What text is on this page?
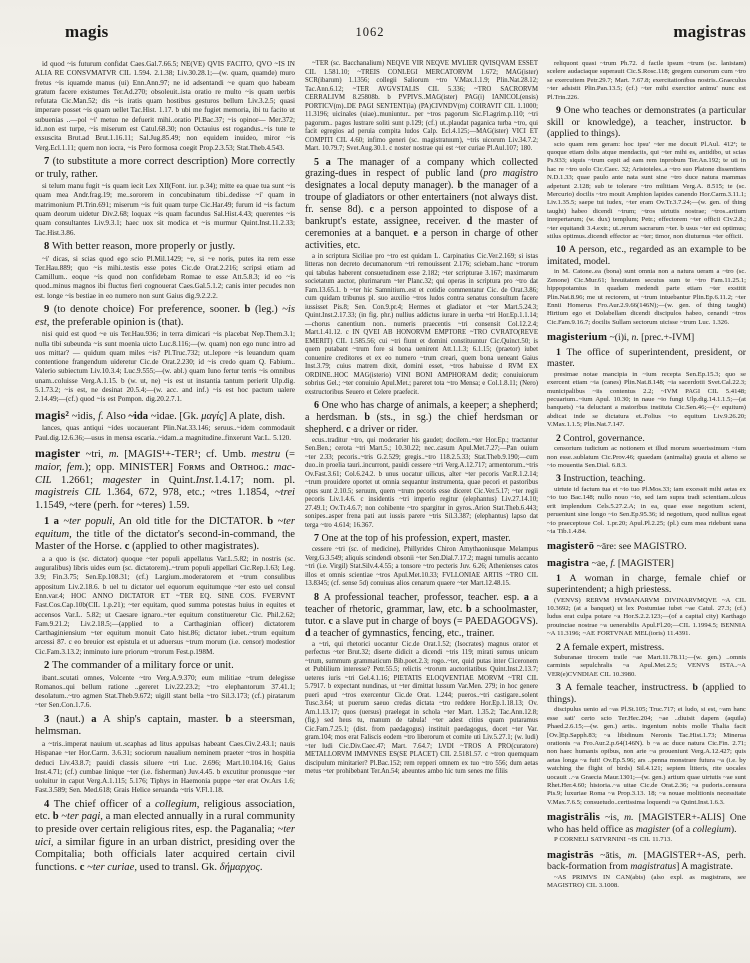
magis	1062	magistras

id quod ~is futurum confidat Caes.Gal.7.66.5; NE(VE) QVIS FACITO, QVO ~IS IN ALIA RE CONSVMATVR CIL 1.594. 2.1.38; Liv.30.28.1;—(w. quam, quamde) muro fretus ~is iquamde manus (ui) Enn.Ann.97; ne id adsentandi ~e quam quo habeam gratum facere existumes Ter.Ad.270; obsoleuit..ista oratio re multo ~is quam uerbis refutata Cic.Man.52; dis ~is iratis quam hostibus gesturos bellum Liv.3.2.5; quasi imperare posset ~is quam uellet Tac.Hist. 1.17. b ubi me fugiet memoria, ibi tu facito ut subuenias ..—pol ~i' metuo ne defuerit mihi..oratio Pl.Bac.37; ~is opinor— Mer.372; id..non est turpe, ~is miserum est Catul.68.30; non Octauius est rogandus..~is tute te exsuscita Brut.ad Brut.1.16.11; Sal.Jug.85.49; non equidem inuideo, miror ~is Verg.Ecl.1.11; quem non iocra, ~is Pero formosa coegit Prop.2.3.53; Stat.Theb.4.543.

7 (to substitute a more correct description) More correctly or truly, rather.

si telum manu fugit ~is quam iecit Lex XII(Font. iur. p.34); mitte ea quae tua sunt ~is quam mea Andr.frag.19; me..sororem in concubinatum tibi..dedisse ~i' quam in matrimonium Pl.Trin.691; miserum ~is fuit quam turpe Cic.Har.49; furum id ~is factum quam deorum uidetur Div.2.68; loquax ~is quam facundus Sal.Hist.4.43; querentes ~is quam consultantes Liv.9.3.1; haec uox sit modica et ~is murmur Quint.Inst.11.2.33; Tac.Hist.3.86.

8 With better reason, more properly or justly.

~i' dicas, si scias quod ego scio Pl.Mil.1429; ~e, si ~e noris, putes ita rem esse Ter.Hau.889; quo ~is mihi..testis esse potes Cic.de Orat.2.216; scripsi etiam ad Camillum.. eoque ~is quod non confidebam Romae te esse Att.5.8.3; id eo ~is quod..minus magnos ibi fluctus fieri cognouerat Caes.Gal.5.1.2; canis inter pecudes non est. longe ~is bestiae in eo numero non sunt Gaius dig.9.2.2.2.

9 (to denote choice) For preference, sooner. b (leg.) ~is est, the preferable opinion is (that).

nisi quid est quod ~e uis Ter.Hau.936; in terra dimicari ~is placebat Nep.Them.3.1; nulla tibi subeunda ~is sunt moenia uicto Luc.8.116;—(w. quam) non ego nunc intro ad uos mittar? — quidum quam miles ~is? Pl.Truc.732; ut..lepore ~is leuandum quam contentione frangendum uideretur Cic.de Orat.2.230; id ~is credo quam Q. Fabium.. Valerio subiectum Liv.10.3.4; Luc.9.555;—(w. abl.) quam Iuno fertur terris ~is omnibus unam..coluisse Verg.A.1.15. b (w. ut, ne) ~is est ut instantia tantum perierit Ulp.dig. 5.1.73.2; ~is est, ne desinat 20.5.4;—(w. acc. and inf.) ~is est hoc pactum ualere 2.14.49;—(cf.) quod ~is est Pompon. dig.20.2.7.1.

magis² ~idis, f. Also ~ida ~idae. [Gk. μαγίς] A plate, dish.

lances, quas antiqui ~ides uocauerant Plin.Nat.33.146; seruus..~idem commodauit Paul.dig.12.6.36;—usus in mensa escaria..~idam..a magnitudine..finxerunt Var.L. 5.120.

magister ~tri, m. [MAGIS¹+-TER¹; cf. Umb. mestru (= maior, fem.); opp. MINISTER] Fᴏʀᴍѕ and Oʀᴛʜᴏɢ.: mac- CIL 1.2661; magester in Quint.Inst.1.4.17; nom. pl. magistreis CIL 1.364, 672, 978, etc.; ~tres 1.1854, ~trei 1.1549, ~tere (perh. for ~teres) 1.59.

1 a ~ter populi, An old title for the DICTATOR. b ~ter equitum, the title of the dictator's second-in-command, the Master of the Horse. c (applied to other magistrates).

a a quo is (sc. dictator) quoque ~ter populi appellatus Var.L.5.82; in nostris (sc. auguralibus) libris uides eum (sc. dictatorem)..~trum populi appellari Cic.Rep.1.63; Leg. 3.9; Fin.3.75; Sen.Ep.108.31; (cf.) Largium..moderatorem et ~trum consulibus appositum Liv.2.18.6. b uel tu dictator uel equorum equitumque ~ter esto uel consul Enn.var.4; HOC ANNO DICTATOR ET ~TER EQ. SINE COS. FVERVNT Fast.Cos.Cap.10b(CIL 1.p.21); ~ter equitam, quod summa potestas huius in equites et accensos Var.L. 5.82; ut Caesare ignaro..~ter equitum constitueretur Cic. Phil.2.62; Fam.9.21.2; Liv.2.18.5;—(applied to a Carthaginian officer) dictatorem Carthaginiensium ~ter equitum monuit Cato hist.86; dictator iubet..~trum equitum arcessi 87. c eo breuior est epistula et ut aduersus ~trum morum (i.e. censor) modestior Cic.Fam.3.13.2; inminuto iure priorum ~trorum Fest.p.198M.

2 The commander of a military force or unit.

ibant..scutati omnes, Volcente ~tro Verg.A.9.370; eum militiae ~trum delegisse Romanos..qui bellum ratione ..gereret Liv.22.23.2; ~tro elephantorum 37.41.1; desolatum..~tro agmen Stat.Theb.9.672; uigill stant bella ~tro Sil.3.173; (cf.) piratarum ~ter Sen.Con.1.7.6.

3 (naut.) a A ship's captain, master. b a steersman, helmsman.

a ~tris..imperat nauium ut..scaphas ad litus appulsas habeant Caes.Civ.2.43.1; nauis Hispanae ~ter Hor.Carm. 3.6.31; sociorum naualium neminem praeter ~tros in hospitia deduci Liv.43.8.7; pauidi classis siluere ~tri Luc. 2.696; Mart.10.104.16; Gaius Inst.4.71; (cf.) cumbae linique ~ter (i.e. fisherman) Juv.4.45. b excutitur pronusque ~ter uoluitur in caput Verg.A.1.115; 5.176; Tiphys in Haemonia puppe ~ter erat Ov.Ars 1.6; Fast.3.589; Sen. Med.618; Grais Helice seruanda ~tris V.Fl.1.18.

4 The chief officer of a collegium, religious association, etc. b ~ter pagi, a man elected annually in a rural community to preside over certain religious rites, esp. the Paganalia; ~ter uici, a similar figure in an urban district, presiding over the Compitalia; both officials later acquired certain civil functions. c ~ter curiae, used to transl. Gk. δήμαρχος.

~TER (sc. Bacchanalium) NEQVE VIR NEQVE MVLIER QVISQVAM ESSET CIL 1.581.10; ~TREIS CONLEGI MERCATORVM 1.672; MAG(ister) SCR(ibarum) 1.1356; collegii Saliorum ~tro V.Max.1.1.9; Plin.Nat.28.12; Tac.Ann.6.12; ~TER AVGVSTALIS CIL 5.336; ~TRO SACRORVM CERRALIVM 8.25808b. b PVPIVS..MAG(ister) PAG(i) IANICOL(ensis) PORTICV(m)..DE PAGI SENTENT(ia) (PA)CIVNDV(m) COIRAVIT CIL 1.1000; 11.3196; uicinales (uiae)..muniuntur.. per ~tros pagorum Sic.Fl.agrim.p.110; ~tri pagorum.. pagos lustrare soliti sunt p.129; (cf.) ut..plaudat paganica turba ~tro, qui facit egregios ad peruia compita ludos Calp. Ecl.4.125;—MAG(ister) VICI ET COMPITI CIL 4.60; infimo generi (sc. magistratuum), ~tris uicorum Liv.34.7.2; Mart. 10.79.7; Svet.Aug.30.1. c noster nostrae qui est ~ter curiae Pl.Aul.107; 180.

5 a The manager of a company which collected grazing-dues in respect of public land (pro magistro designates a local deputy manager). b the manager of a troupe of gladiators or other entertainers (not always dist. fr. sense 8d). c a person appointed to dispose of a bankrupt's estate, assignee, receiver. d the master of ceremonies at a banquet. e a person in charge of other activities, etc.

a in scriptura Siciliae pro ~tro est quidam L. Carpinatius Cic.Ver.2.169; si istas litteras non decreto decumanorum ~tri remouissent 2.176; sciebam..hanc ~trorum qui tabulas haberent consuetudinem esse 2.182; ~ter scripturae 3.167; maximarum societatum auctor, plurimarum ~ter Planc.32; qui operas in scriptura pro ~tro dat Fam.13.65.1. b ~ter hic Samnitium..est et cotidie commentatur Cic. de Orat.3.86; cum quidam tribunus pl. suo auxilio ~tros ludos contra senatus consultum facere iussisset Pis.8; Sen. Con.9.pr.4; Hermes et gladiator et ~ter Mart.5.24.3; Quint.Inst.2.17.33; (in fig. phr.) nullius addictus iurare in uerba ~tri Hor.Ep.1.1.14;—chorus canentium non.. numeris praecentis ~tri consensit Col.12.2.4; Mart.1.41.12. c IN QVEI AB HONORVM EMPTORE ~TRO CVRATO(REVE EMERIT) CIL 1.585.56; cui ~tri fiunt et domini constituuntur Cic.Quinct.50; is quem putabant ~trum fore si bona uenirent Att.1.1.3; 6.1.15; (praetor) iubet conuenire creditores et ex eo numero ~trum creari, quem bona ueneant Gaius Inst.3.79; cuius matrem dixit, domini esset, ~tros habuisse d RVM EX ORDINE..HOC MAG(isterio) VINI BONI AMPHORAM dedit; conuiuiorum sobrius Gel.; ~ter conuiuio Apul.Met.; pareret tota ~tro Mensa; e Col.1.8.11; (Nero) exstructoribus Seuero et Celere praefecit.

6 One who has charge of animals, a keeper; a shepherd; a herdsman. b (sts., in sg.) the chief herdsman or shepherd. c a driver or rider.

ecus..traditur ~tro, qui moderarier his gaudet; docilem..~ter Hor.Ep.; tractantur Sen.Ben.; cerota ~tri Mart.5.; 10.30.22; nec..casum Apul.Met.7.27;—Pan ouium ~ter 2.33; pecoris..~tris G.2.529; gregis..~tro 118.2.5.33; Stat.Theb.9.190;—cum duo..in proelia tauri..incurront, pauidi cessere ~tri Verg.A.12.717; armentorum..~tris Ov.Fast.3.61; Col.6.24.2. b unus uocatur uilicus, alter ~ter pecoris Var.R.1.2.14; ~trum prouidere oportet ut omnia sequantur instrumenta, quae pecori et pastoribus opus sunt 2.10.5; seruum, quem ~trum pecoris esse diceret Cic.Ver.5.17; ~ter regii pecoris Liv.1.4.6. c insidentis ~tri imperio regitur (elephantus) Liv.27.14.10; 27.49.1; Ov.Tr.4.6.7; non cohibente ~tro spargitur in gyros..Arion Stat.Theb.6.443; sonipes..asper frena pati aut iussis parere ~tris Sil.3.387; (elephantus) lapso dat terga ~tro 4.614; 16.367.

7 One at the top of his profession, expert, master.

cessere ~tri (sc. of medicine), Phillyrides Chiron Amythaoniusque Melampus Verg.G.3.549; aliquis scindendi obsonii ~ter Sen.Dial.7.17.2; magni tumulis accanto ~tri (i.e. Virgil) Stat.Silv.4.4.55; a tonsore ~tro pecteris Juv. 6.26; Athenienses catos illos et omnis scientiae ~tros Apul.Met.10.33; FVLLONIAE ARTIS ~TRO CIL 13.8345; (cf. sense 5d) conuiuas alios cenarum quaere ~ter Mart.12.48.15.

8 A professional teacher, professor, teacher. esp. a a teacher of rhetoric, grammar, law, etc. b a schoolmaster, tutor. c a slave put in charge of boys (= PAEDAGOGVS). d a teacher of gymnastics, fencing, etc., trainer.

a ~tri, qui rhetorici uocantur Cic.de Orat.1.52; (Isocrates) magnus orator et perfectus ~ter Brut.32; diserte didicit a dicendi ~tris 119; mirati sumus unicum ~trum, summum grammaticum Bib.poet.2.3; rogo..~ter, quid putas inter Ciceronem et Publilium interesse? Petr.55.5; relictis ~trorum auctoritatibus Quint.Inst.2.13.7; ueteres iuris ~tri Gel.4.1.16; PIETATIS ELOQVENTIAE MORVM ~TRI CIL 5.7917. b expectant nundinas, ut ~ter dimittat lussum Var.Men. 279; in hoc genere pueri apud ~tros exercentur Cic.de Orat. 1.244; pueros..~tri castigare..solent Tusc.3.64; ut puerum saeuo credas dictata ~tro reddere Hor.Ep.1.18.13; Ov. Am.1.13.17; quos (uersus) praelegat in schola ~ter Mart. 1.35.2; Tac.Ann.12.8; (fig.) sed heus tu, manum de tabula! ~ter adest citius quam putaramus Cic.Fam.7.25.1; (dist. from paedagogus) instituit paedagogus, docet ~ter Var. gram.104; mos erat Faliscis eodem ~tro liberorum et comite uti Liv.5.27.1; (w. ludi) ~ter ludi Cic.Div.Caec.47; Mart. 7.64.7; LVDI ~TROS A PRO(curatore) METALLORVM IMMVNES ES(SE PLACET) CIL 2.5181.57. c ~tron quemquam discipulum minitarier? Pl.Bac.152; rem repperi omnem ex tuo ~tro 556; dum aetas metus ~ter prohibebant Ter.An.54; abeuntes ambo hic tum senes me filiis

reliquont quasi ~trum Ph.72. d facile ipsum ~trum (sc. lanistam) scelere audaciaque superauit Cic.S.Rosc.118; gregem cursorum cum ~tro se exercuitem Petr.29.7; Mart. 7.67.8; exercitationibus nostris..Graeculus ~ter adsistit Plin.Pan.13.5; (cf.) ~ter mihi exercitor animu' nunc est Pl.Trin.226.

9 One who teaches or demonstrates (a particular skill or knowledge), a teacher, instructor. b (applied to things).

scio quam rem geram: hoc ipsu' ~ter me docuit Pl.Aul. 412ᵃ; te quoque etiam dolis atque mendaciis, qui ~ter mihi es, antidibo, ut scias Ps.933; siquis ~trum cepit ad eam rem inprobum Ter.An.192; te uti in hac re ~tro uolo Cic.Caec. 32; Aristoteles..a ~tro suo Platone dissentiens N.D.1.33; quae paulo ante nata sunt sine ~tro duce natura mammas adpetunt 2.128; sub te tolerare ~tro militiam Verg.A. 8.515; te (sc. Mercurio) docilis ~tro mouit Amphion lapides canendo Hor.Carm.3.11.1; Liv.1.35.5; saepe tui iudex, ~ter eram Ov.Tr.3.7.24;—(w. gen. of thing taught) habeo dicendi ~trum; ~tros uirtutis nostrae; ~tros..artium inrepertarum; (w. dux) templum; Petr.; effectorem ~ter officii Civ.2.8.; ~ter equitandi 3.4.extr.; ut..rerum sacrarum ~ter. b usus ~ter est optimus; stilus optimus..dicendi effector ac ~ter; timor, non diuturnus ~ter officii.

10 A person, etc., regarded as an example to be imitated, model.

in M. Catone..ea (bona) sunt omnia non a natura ueram a ~tro (sc. Zenone) Cic.Mur.61; hreuitatem secutus sum te ~tro Fam.11.25.1; hippopotamius in quadam medendi parte etiam ~ter exstitit Plin.Nat.8.96; me ut rectorem, ut ~trum intuebantur Plin.Ep.6.11.2; ~ter Ennii Homerus Fro.Aur.2.9.66(146N);—(w. gen. of thing taught) Hirtium ego et Dolabellam dicendi discipulos habeo, cenandi ~tros Cic.Fam.9.16.7; docilis Sullam sectorum uicisse ~trum Luc. 1.326.

magisterium ~(i)i, n. [prec.+-IVM]

1 The office of superintendent, president, or master.

presimae notae mancipia in ~ium recepta Sen.Ep.15.3; quo se exercent etiam ~ia (canes) Plin.Nat.8.148; ~ia sacerdotii Svet.Cal.22.3; municipalibus ~iis contentus 2.2; ~IVM PAGI CIL 5.4148; pecuarium..~ium Apul. 10.30; in naue ~io fungi Ulp.dig.14.1.1.5;—(at banquets) ~ia deluctant a maioribus instituta Cic.Sen.46;—(~ equitum) abdicat inde se dictatura et..Folius ~io equitum Liv.9.26.20; V.Max.1.1.5; Plin.Nat.7.147.

2 Control, governance.

censorium iudicium ac notionem et illud morum seuerissimum ~ium non esse..sublatum Cic.Prov.46; quaedam (animalia) grauia et alieno se ~io mouentia Sen.Dial. 6.8.3.

3 Instruction, teaching.

uirtute id factum tua et ~io tuo Pl.Mos.33; iam excessit mihi aetas ex ~io tuo Bac.148; nullo nouo ~io, sed iam supra tradi scientiam..ulcus erit implendum Cels.5.27.2.A; in ea, quae esse negotium scient, perueniunt sine longo ~io Sen.Ep.95.36; id negotium, quod nullius egeat ~io praeceptoue Col. 1.pr.20; Apul.Pl.2.25; (pl.) cum mea ridebunt uana ~ia Tib.1.4.84.

magisterō ~āre: see MAGISTRO.

magistra ~ae, f. [MAGISTER]

1 A woman in charge, female chief or superintendent; a high priestess.

(VENVS) RERVM HVMANARVM DIVINARVMQVE ~A CIL 10.3692; (at a banquet) ut lex Postumiae iubet ~ae Catul. 27.3; (cf.) ludus erat culpa potare ~a Hor.S.2.2.123;—(of a capital city) Karthago prouinciae nostrae ~a uenerabilis Apul.Fl.20;—CIL 1.1994.5; BENNIA ~A 11.3196; ~AE FORTVNAE MEL(ioris) 11.4391.

2 A female expert, mistress.

Suburanae tirocem traile ~ae Mart.11.78.11;—(w. gen.) ..omnis carminis sepulchralis ~a Apul.Met.2.5; VENVS ISTA..~A VER(e)CVNDIAE CIL 10.3980.

3 A female teacher, instructress. b (applied to things).

discipulus uenio ad ~as Pl.St.105; Truc.717; ei ludo, si est, ~am hanc esse sati' certo scio Ter.Hec.204; ~ae ..diuisit dapem (aquila) Phaed.2.6.15;—(w. gen.) artis.. ingenium nobis molle Thalia facit [Ov.]Ep.Sapph.83; ~a libidinum Neronis Tac.Hist.1.73; Minerua orationis ~a Fro.Aur.2.p.64(146N). b ~a ac duce natura Cic.Fin. 2.71; non haec humanis opibus, non arte ~a proueniunt Verg.A.12.427; quis aetas longa ~a fuit! Ov.Ep.5.96; ars ..penna monstrare futura ~a (i.e. by watching the flight of birds) Sil.4.121; septem litteris, rite uocales uocauit ..~a Graecia Maur.1301;—(w. gen.) artium quae uirtutis ~ae sunt Rhet.Her.4.60; historia..~a uitae Cic.de Orat.2.36; ~a pudoris..censura Pis.9; luxuriae Roma ~a Prop.3.13. 18; ~a nouae molitionis necessitate V.Max.7.6.5; consuetudo..certissima loquendi ~a Quint.Inst.1.6.3.

magistrālis ~is, m. [MAGISTER+-ALIS] One who has held office as magister (of a collegium).

P CORNELI SATVRNINI ~IS CIL 11.713.

magistrās ~ātis, m. [MAGISTER+-AS, perh. back-formation from magistratus] A magistrate.

~AS PRIMVS IN CAN(abis) (also expl. as magistrans, see MAGISTRO) CIL 3.1008.
